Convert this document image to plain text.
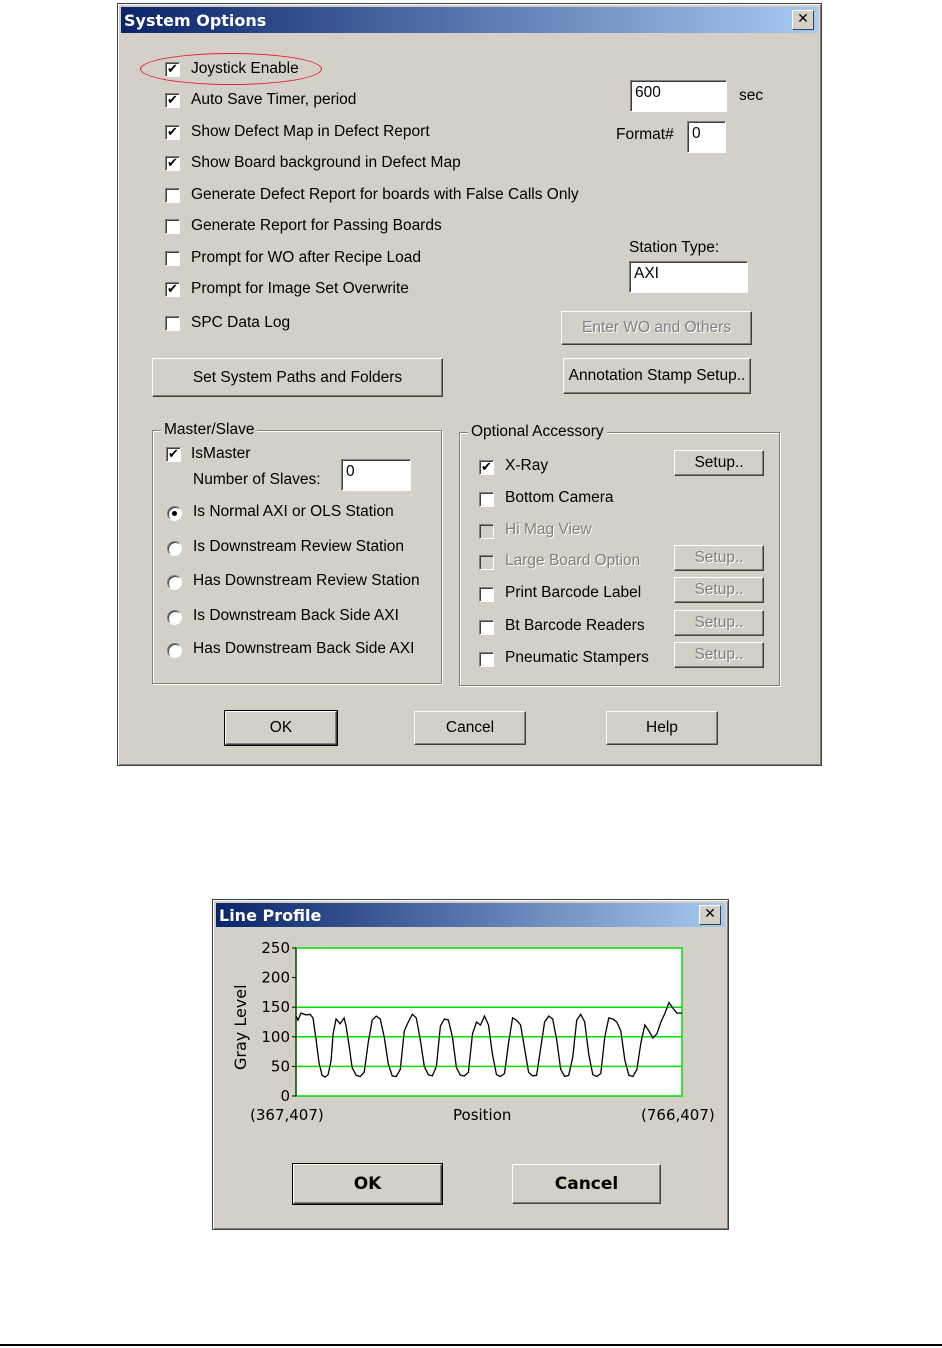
System Options	✕
✔ Joystick Enable
✔ Auto Save Timer, period
✔ Show Defect Map in Defect Report
✔ Show Board background in Defect Map
Generate Defect Report for boards with False Calls Only
Generate Report for Passing Boards
Prompt for WO after Recipe Load
✔ Prompt for Image Set Overwrite
SPC Data Log
600	sec
Format#	0
Station Type:
AXI
Enter WO and Others
Set System Paths and Folders	Annotation Stamp Setup..
Master/Slave
✔ IsMaster
Number of Slaves:	0
Is Normal AXI or OLS Station
Is Downstream Review Station
Has Downstream Review Station
Is Downstream Back Side AXI
Has Downstream Back Side AXI
Optional Accessory
✔ X-Ray	Setup..
Bottom Camera
Hi Mag View
Large Board Option	Setup..
Print Barcode Label	Setup..
Bt Barcode Readers	Setup..
Pneumatic Stampers	Setup..
OK	Cancel	Help
Line Profile	✕
250
200
150
100
50
0
Gray Level
(367,407)	Position	(766,407)
OK	Cancel
